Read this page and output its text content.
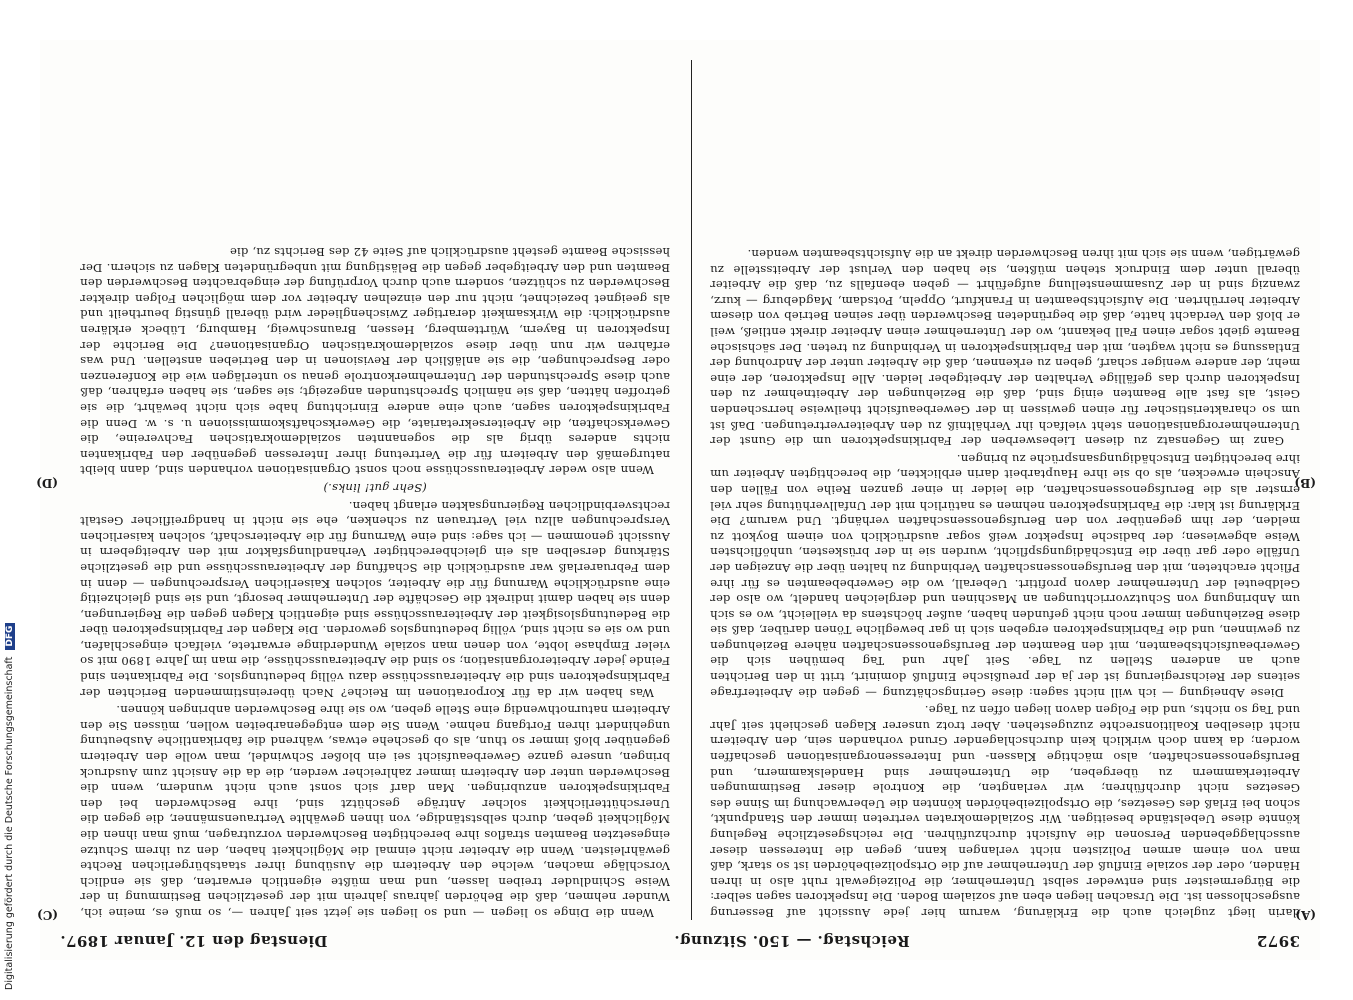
Digitalisierung gefördert durch die Deutsche Forschungsgemeinschaft DFG
3972
Reichstag. — 150. Sitzung.
Dienstag den 12. Januar 1897.
(A)
(B)
(C)
(D)

darin liegt zugleich auch die Erklärung, warum hier jede Aussicht auf Besserung ausgeschlossen ist. Die Ursachen liegen eben auf sozialem Boden. Die Inspektoren sagen selber: die Bürgermeister sind entweder selbst Unternehmer, die Polizeigewalt ruht also in ihren Händen, oder der soziale Einfluß der Unternehmer auf die Ortspolizeibehörden ist so stark, daß man von einem armen Polizisten nicht verlangen kann, gegen die Interessen dieser ausschlaggebenden Personen die Aufsicht durchzuführen. Die reichsgesetzliche Regelung könnte diese Uebelstände beseitigen. Wir Sozialdemokraten vertreten immer den Standpunkt, schon bei Erlaß des Gesetzes, die Ortspolizeibehörden könnten die Ueberwachung im Sinne des Gesetzes nicht durchführen; wir verlangten, die Kontrole dieser Bestimmungen Arbeiterkammern zu übergeben, die Unternehmer sind Handelskammern, und Berufsgenossenschaften, also mächtige Klassen- und Interessenorganisationen geschaffen worden; da kann doch wirklich kein durchschlagender Grund vorhanden sein, den Arbeitern nicht dieselben Koalitionsrechte zuzugestehen. Aber trotz unserer Klagen geschieht seit Jahr und Tag so nichts, und die Folgen davon liegen offen zu Tage.

Diese Abneigung — ich will nicht sagen: diese Geringschätzung — gegen die Arbeiterfrage seitens der Reichsregierung ist der ja der preußische Einfluß dominirt, tritt in den Berichten auch an anderen Stellen zu Tage. Seit Jahr und Tag bemühen sich die Gewerbeaufsichtsbeamten, mit den Beamten der Berufsgenossenschaften nähere Beziehungen zu gewinnen, und die Fabrikinspektoren ergeben sich in gar bewegliche Tönen darüber, daß sie diese Beziehungen immer noch nicht gefunden haben, außer höchstens da vielleicht, wo es sich um Anbringung von Schutzvorrichtungen an Maschinen und dergleichen handelt, wo also der Geldbeutel der Unternehmer davon profitirt. Ueberall, wo die Gewerbebeamten es für ihre Pflicht erachteten, mit den Berufsgenossenschaften Verbindung zu halten über die Anzeigen der Unfälle oder gar über die Entschädigungspflicht, wurden sie in der brüskesten, unhöflichsten Weise abgewiesen; der badische Inspektor weiß sogar ausdrücklich von einem Boykott zu melden, der ihm gegenüber von den Berufsgenossenschaften verhängt. Und warum? Die Erklärung ist klar: die Fabrikinspektoren nehmen es natürlich mit der Unfallverhütung sehr viel ernster als die Berufsgenossenschaften, die leider in einer ganzen Reihe von Fällen den Anschein erwecken, als ob sie ihre Hauptarbeit darin erblickten, die berechtigten Arbeiter um ihre berechtigten Entschädigungsansprüche zu bringen.

Ganz im Gegensatz zu diesen Liebeswerben der Fabrikinspektoren um die Gunst der Unternehmerorganisationen steht vielfach ihr Verhältniß zu den Arbeitervertretungen. Daß ist um so charakteristischer für einen gewissen in der Gewerbeaufsicht theilweise herrschenden Geist, als fast alle Beamten einig sind, daß die Beziehungen der Arbeitnehmer zu den Inspektoren durch das gefällige Verhalten der Arbeitgeber leiden. Alle Inspektoren, der eine mehr, der andere weniger scharf, geben zu erkennen, daß die Arbeiter unter der Androhung der Entlassung es nicht wagten, mit den Fabrikinspektoren in Verbindung zu treten. Der sächsische Beamte giebt sogar einen Fall bekannt, wo der Unternehmer einen Arbeiter direkt entließ, weil er bloß den Verdacht hatte, daß die begründeten Beschwerden über seinen Betrieb von diesem Arbeiter herrührten. Die Aufsichtsbeamten in Frankfurt, Oppeln, Potsdam, Magdeburg — kurz, zwanzig sind in der Zusammenstellung aufgeführt — geben ebenfalls zu, daß die Arbeiter überall unter dem Eindruck stehen müßten, sie haben den Verlust der Arbeitsstelle zu gewärtigen, wenn sie sich mit ihren Beschwerden direkt an die Aufsichtsbeamten wenden.

Wenn die Dinge so liegen — und so liegen sie jetzt seit Jahren —, so muß es, meine ich, Wunder nehmen, daß die Behörden jahraus jahrein mit der gesetzlichen Bestimmung in der Weise Schindluder treiben lassen, und man müßte eigentlich erwarten, daß sie endlich Vorschläge machen, welche den Arbeitern die Ausübung ihrer staatsbürgerlichen Rechte gewährleisten. Wenn die Arbeiter nicht einmal die Möglichkeit haben, den zu ihrem Schutze eingesetzten Beamten straflos ihre berechtigten Beschwerden vorzutragen, muß man ihnen die Möglichkeit geben, durch selbstständige, von ihnen gewählte Vertrauensmänner, die gegen die Unerschütterlichkeit solcher Anträge geschützt sind, ihre Beschwerden bei den Fabrikinspektoren anzubringen. Man darf sich sonst auch nicht wundern, wenn die Beschwerden unter den Arbeitern immer zahlreicher werden, die da die Ansicht zum Ausdruck bringen, unsere ganze Gewerbeaufsicht sei ein bloßer Schwindel, man wolle den Arbeitern gegenüber bloß immer so thun, als ob geschehe etwas, während die fabrikantliche Ausbeutung ungehindert ihren Fortgang nehme. Wenn Sie dem entgegenarbeiten wollen, müssen Sie den Arbeitern naturnothwendig eine Stelle geben, wo sie ihre Beschwerden anbringen können.

Was haben wir da für Korporationen im Reiche? Nach übereinstimmenden Berichten der Fabrikinspektoren sind die Arbeiterausschüsse dazu völlig bedeutungslos. Die Fabrikanten sind Feinde jeder Arbeiterorganisation; so sind die Arbeiterausschüsse, die man im Jahre 1890 mit so vieler Emphase lobte, von denen man soziale Wunderdinge erwartete, vielfach eingeschlafen, und wo sie es nicht sind, völlig bedeutungslos geworden. Die Klagen der Fabrikinspektoren über die Bedeutungslosigkeit der Arbeiterausschüsse sind eigentlich Klagen gegen die Regierungen, denn sie haben damit indirekt die Geschäfte der Unternehmer besorgt, und sie sind gleichzeitig eine ausdrückliche Warnung für die Arbeiter, solchen Kaiserlichen Versprechungen — denn in dem Februarerlaß war ausdrücklich die Schaffung der Arbeiterausschüsse und die gesetzliche Stärkung derselben als ein gleichberechtigter Verhandlungsfaktor mit den Arbeitgebern in Aussicht genommen — ich sage: sind eine Warnung für die Arbeiterschaft, solchen kaiserlichen Versprechungen allzu viel Vertrauen zu schenken, ehe sie nicht in handgreiflicher Gestalt rechtsverbindlichen Regierungsakten erlangt haben.

(Sehr gut! links.)

Wenn also weder Arbeiterausschüsse noch sonst Organisationen vorhanden sind, dann bleibt naturgemäß den Arbeitern für die Vertretung ihrer Interessen gegenüber den Fabrikanten nichts anderes übrig als die sogenannten sozialdemokratischen Fachvereine, die Gewerkschaften, die Arbeitersekretariate, die Gewerkschaftskommissionen u. s. w. Denn die Fabrikinspektoren sagen, auch eine andere Einrichtung habe sich nicht bewährt, die sie getroffen hätten, daß sie nämlich Sprechstunden angezeigt; sie sagen, sie haben erfahren, daß auch diese Sprechstunden der Unternehmerkontrole genau so unterlägen wie die Konferenzen oder Besprechungen, die sie anläßlich der Revisionen in den Betrieben anstellen. Und was erfahren wir nun über diese sozialdemokratischen Organisationen? Die Berichte der Inspektoren in Bayern, Württemberg, Hessen, Braunschweig, Hamburg, Lübeck erklären ausdrücklich: die Wirksamkeit derartiger Zwischenglieder wird überall günstig beurtheilt und als geeignet bezeichnet, nicht nur den einzelnen Arbeiter vor dem möglichen Folgen direkter Beschwerden zu schützen, sondern auch durch Vorprüfung der eingebrachten Beschwerden den Beamten und den Arbeitgeber gegen die Belästigung mit unbegründeten Klagen zu sichern. Der hessische Beamte gesteht ausdrücklich auf Seite 42 des Berichts zu, die
